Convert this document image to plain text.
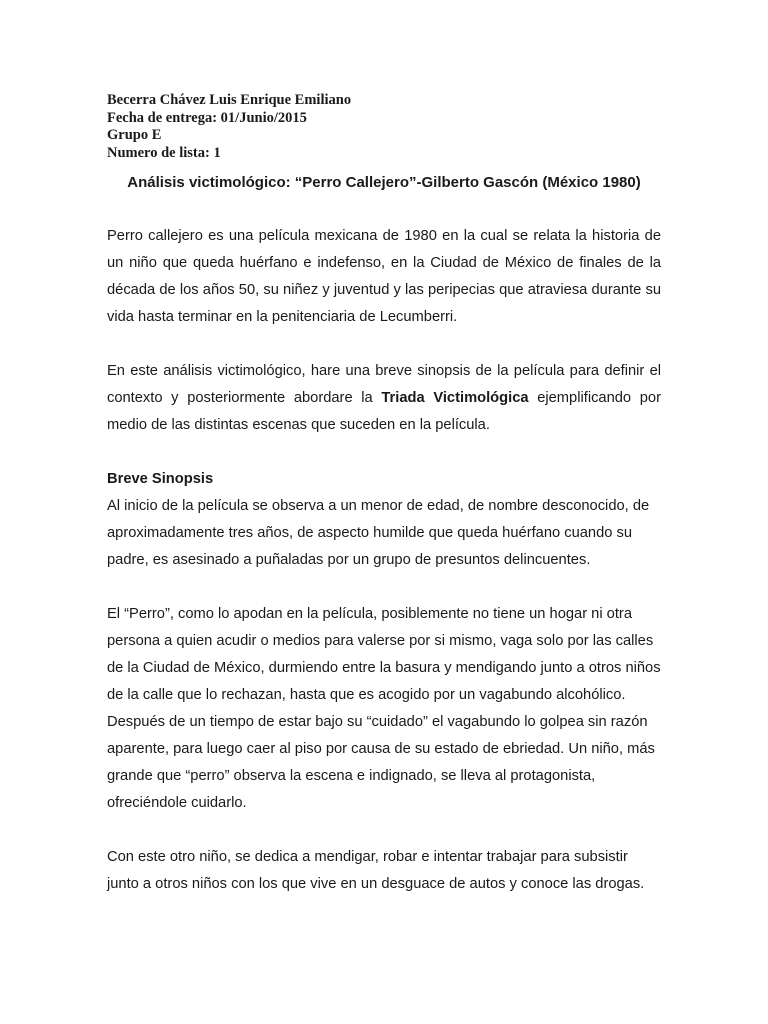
Becerra Chávez Luis Enrique Emiliano
Fecha de entrega: 01/Junio/2015
Grupo E
Numero de lista: 1
Análisis victimológico: “Perro Callejero”-Gilberto Gascón (México 1980)

Perro callejero es una película mexicana de 1980 en la cual se relata la historia de un niño que queda huérfano e indefenso, en la Ciudad de México de finales de la década de los años 50, su niñez y juventud y las peripecias que atraviesa durante su vida hasta terminar en la penitenciaria de Lecumberri.

En este análisis victimológico, hare una breve sinopsis de la película para definir el contexto y posteriormente abordare la Triada Victimológica ejemplificando por medio de las distintas escenas que suceden en la película.

Breve Sinopsis

Al inicio de la película se observa a un menor de edad, de nombre desconocido, de aproximadamente tres años, de aspecto humilde que queda huérfano cuando su padre, es asesinado a puñaladas por un grupo de presuntos delincuentes.

El “Perro”, como lo apodan en la película, posiblemente no tiene un hogar ni otra persona a quien acudir o medios para valerse por si mismo, vaga solo por las calles de la Ciudad de México, durmiendo entre la basura y mendigando junto a otros niños de la calle que lo rechazan, hasta que es acogido por un vagabundo alcohólico. Después de un tiempo de estar bajo su “cuidado” el vagabundo lo golpea sin razón aparente, para luego caer al piso por causa de su estado de ebriedad. Un niño, más grande que “perro” observa la escena e indignado, se lleva al protagonista, ofreciéndole cuidarlo.

Con este otro niño, se dedica a mendigar, robar e intentar trabajar para subsistir junto a otros niños con los que vive en un desguace de autos y conoce las drogas.
